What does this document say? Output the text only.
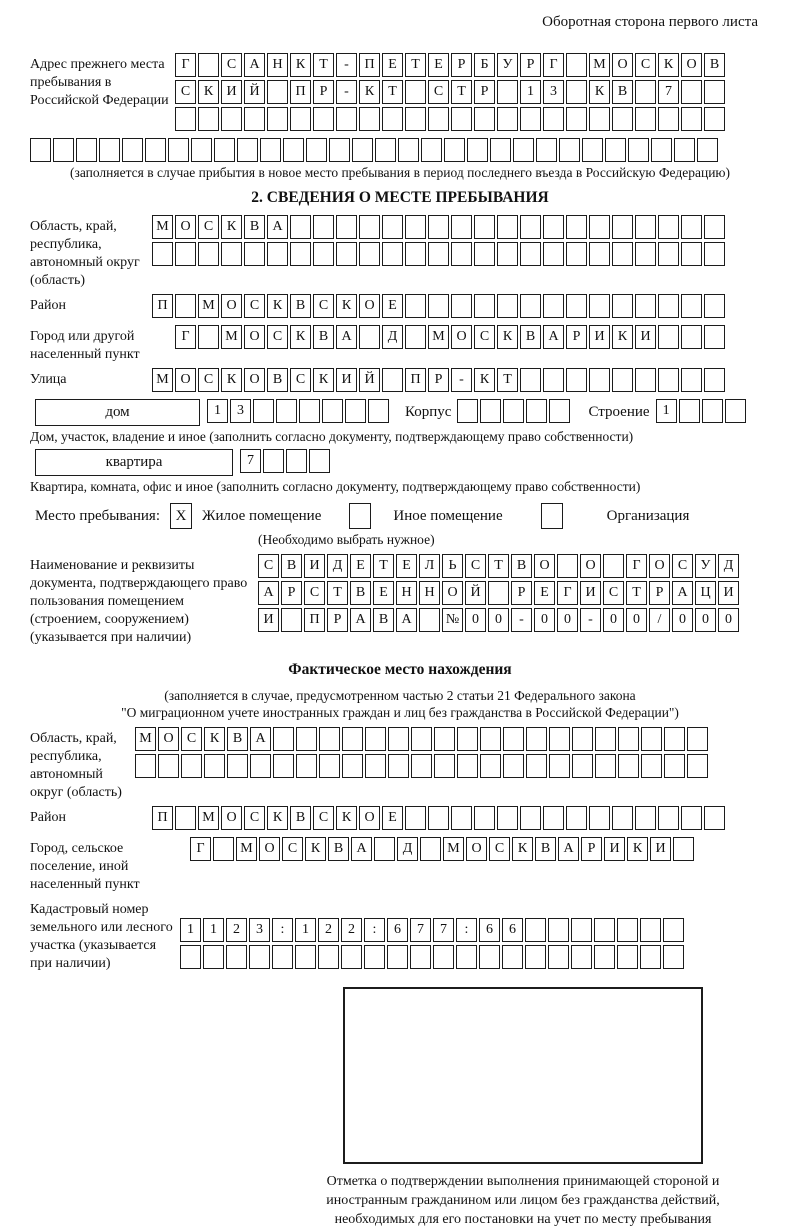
Оборотная сторона первого листа
Адрес прежнего места пребывания в Российской Федерации
Г	С А Н К	Т	-	П Е	Т	Е	Р	Б	У	Р	Г	М О С К О В
С К И Й	П	Р	-	К	Т	С	Т	Р	1	3	К В	7
(заполняется в случае прибытия в новое место пребывания в период последнего въезда в Российскую Федерацию)
2. СВЕДЕНИЯ О МЕСТЕ ПРЕБЫВАНИЯ
Область, край, республика, автономный округ (область)
М О С К В А
Район	П	М О С К В С К О Е
Город или другой населенный пункт
Г	М О С К В А	Д	М О С К В А	Р	И К И
Улица	М О С К О В С К И Й	П	Р	-	К	Т
дом	1	3	Корпус	Строение 1
Дом, участок, владение и иное (заполнить согласно документу, подтверждающему право собственности)
квартира	7
Квартира, комната, офис и иное (заполнить согласно документу, подтверждающему право собственности)
Место пребывания:	X	Жилое помещение	Иное помещение	Организация
(Необходимо выбрать нужное)
Наименование и реквизиты документа, подтверждающего право пользования помещением (строением, сооружением) (указывается при наличии)
С В И Д Е	Т	Е Л	Ь	С	Т	В О	О	Г О С У Д
А	Р	С	Т	В	Е Н Н О Й	Р	Е	Г И С	Т	Р	А Ц И
И	П	Р	А В А	№ 0	0	-	0	0	-	0	0	/	0	0	0
Фактическое место нахождения
(заполняется в случае, предусмотренном частью 2 статьи 21 Федерального закона
"О миграционном учете иностранных граждан и лиц без гражданства в Российской Федерации")
Область, край, республика, автономный округ (область)
М О С К В А
Район	П	М О С К В С К О Е
Город, сельское поселение, иной населенный пункт
Г	М О С К В А	Д	М О С К В А	Р	И К И
Кадастровый номер земельного или лесного участка (указывается при наличии)
1	1	2	3	:	1	2	2	:	6	7	7	:	6	6
Отметка о подтверждении выполнения принимающей стороной и иностранным гражданином или лицом без гражданства действий, необходимых для его постановки на учет по месту пребывания
